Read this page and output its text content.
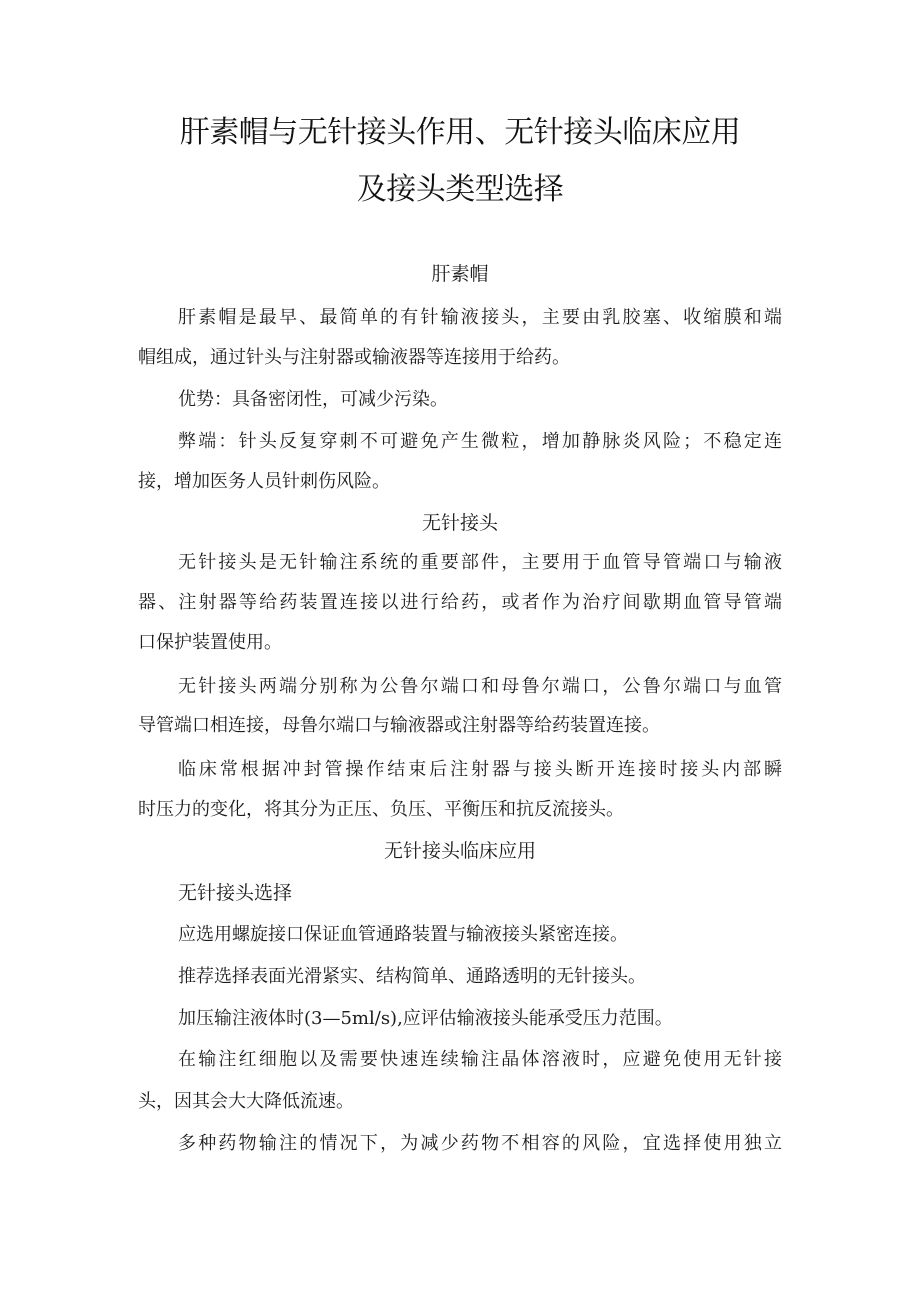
肝素帽与无针接头作用、无针接头临床应用
及接头类型选择
肝素帽
肝素帽是最早、最简单的有针输液接头，主要由乳胶塞、收缩膜和端
帽组成，通过针头与注射器或输液器等连接用于给药。
优势：具备密闭性，可减少污染。
弊端：针头反复穿刺不可避免产生微粒，增加静脉炎风险；不稳定连
接，增加医务人员针刺伤风险。
无针接头
无针接头是无针输注系统的重要部件，主要用于血管导管端口与输液
器、注射器等给药装置连接以进行给药，或者作为治疗间歇期血管导管端
口保护装置使用。
无针接头两端分别称为公鲁尔端口和母鲁尔端口，公鲁尔端口与血管
导管端口相连接，母鲁尔端口与输液器或注射器等给药装置连接。
临床常根据冲封管操作结束后注射器与接头断开连接时接头内部瞬
时压力的变化，将其分为正压、负压、平衡压和抗反流接头。
无针接头临床应用
无针接头选择
应选用螺旋接口保证血管通路装置与输液接头紧密连接。
推荐选择表面光滑紧实、结构简单、通路透明的无针接头。
加压输注液体时(3—5ml∕s),应评估输液接头能承受压力范围。
在输注红细胞以及需要快速连续输注晶体溶液时，应避免使用无针接
头，因其会大大降低流速。
多种药物输注的情况下，为减少药物不相容的风险，宜选择使用独立
